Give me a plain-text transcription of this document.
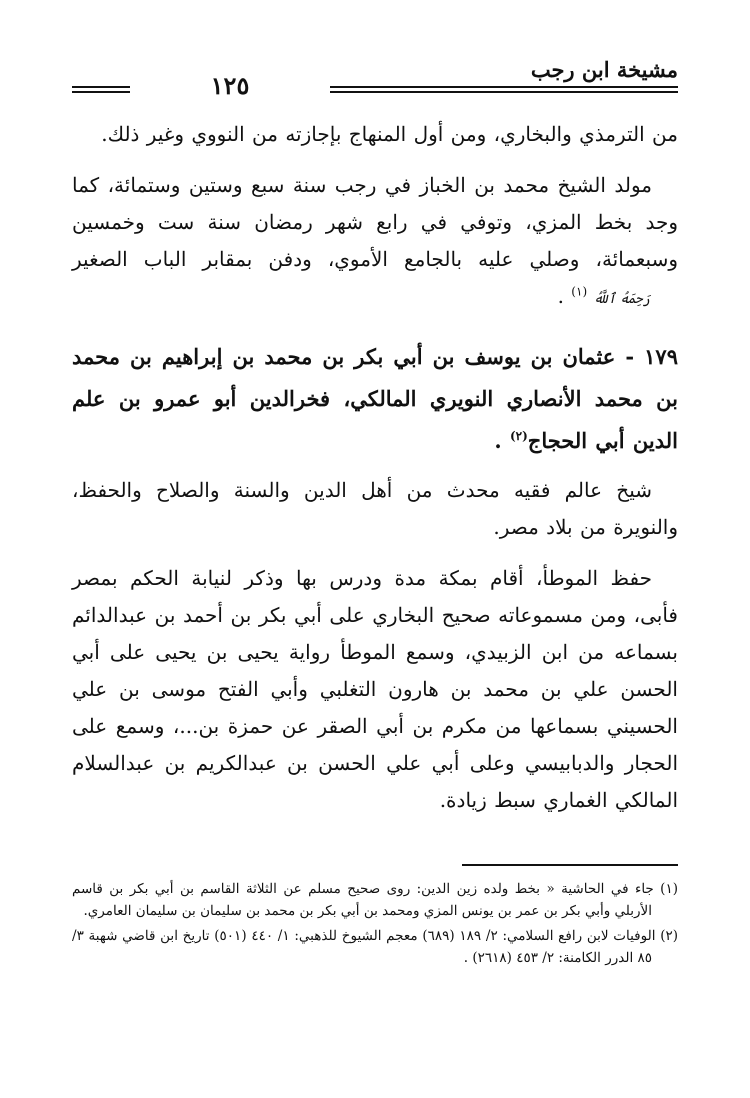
مشيخة ابن رجب
١٢٥

من الترمذي والبخاري، ومن أول المنهاج بإجازته من النووي وغير ذلك.

مولد الشيخ محمد بن الخباز في رجب سنة سبع وستين وستمائة، كما وجد بخط المزي، وتوفي في رابع شهر رمضان سنة ست وخمسين وسبعمائة، وصلي عليه بالجامع الأموي، ودفن بمقابر الباب الصغير رَحِمَهُ ٱللَّهُ$^{(١)}$ .

١٧٩ - عثمان بن يوسف بن أبي بكر بن محمد بن إبراهيم بن محمد بن محمد الأنصاري النويري المالكي، فخرالدين أبو عمرو بن علم الدين أبي الحجاج$^{(٢)}$ .

شيخ عالم فقيه محدث من أهل الدين والسنة والصلاح والحفظ، والنويرة من بلاد مصر.

حفظ الموطأ، أقام بمكة مدة ودرس بها وذكر لنيابة الحكم بمصر فأبى، ومن مسموعاته صحيح البخاري على أبي بكر بن أحمد بن عبدالدائم بسماعه من ابن الزبيدي، وسمع الموطأ رواية يحيى بن يحيى على أبي الحسن علي بن محمد بن هارون التغلبي وأبي الفتح موسى بن علي الحسيني بسماعها من مكرم بن أبي الصقر عن حمزة بن...، وسمع على الحجار والدبابيسي وعلى أبي علي الحسن بن عبدالكريم بن عبدالسلام المالكي الغماري سبط زيادة.

(١) جاء في الحاشية « بخط ولده زين الدين: روى صحيح مسلم عن الثلاثة القاسم بن أبي بكر بن قاسم الأربلي وأبي بكر بن عمر بن يونس المزي ومحمد بن أبي بكر بن محمد بن سليمان بن سليمان العامري.

(٢) الوفيات لابن رافع السلامي: ٢/ ١٨٩ (٦٨٩) معجم الشيوخ للذهبي: ١/ ٤٤٠ (٥٠١) تاريخ ابن قاضي شهبة ٣/ ٨٥ الدرر الكامنة: ٢/ ٤٥٣ (٢٦١٨) .
